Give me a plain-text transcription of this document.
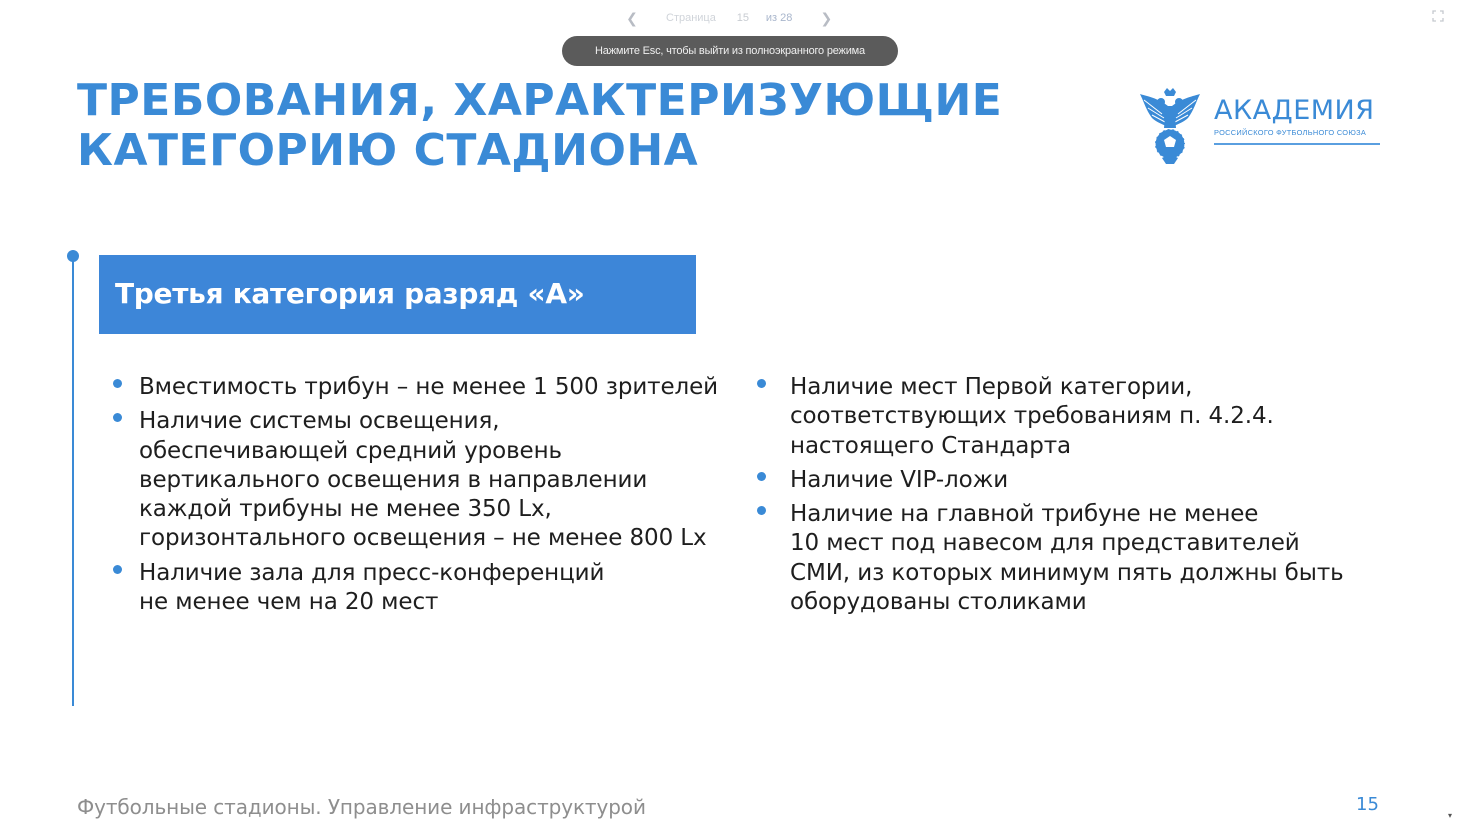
❮	Страница 15 из 28	❯
Нажмите Esc, чтобы выйти из полноэкранного режима
ТРЕБОВАНИЯ, ХАРАКТЕРИЗУЮЩИЕ
КАТЕГОРИЮ СТАДИОНА
АКАДЕМИЯ
РОССИЙСКОГО ФУТБОЛЬНОГО СОЮЗА
Третья категория разряд «А»
Вместимость трибун – не менее 1 500 зрителей
Наличие системы освещения,
обеспечивающей средний уровень
вертикального освещения в направлении
каждой трибуны не менее 350 Lx,
горизонтального освещения – не менее 800 Lx
Наличие зала для пресс-конференций
не менее чем на 20 мест
Наличие мест Первой категории,
соответствующих требованиям п. 4.2.4.
настоящего Стандарта
Наличие VIP-ложи
Наличие на главной трибуне не менее
10 мест под навесом для представителей
СМИ, из которых минимум пять должны быть
оборудованы столиками
Футбольные стадионы. Управление инфраструктурой	15
▾
